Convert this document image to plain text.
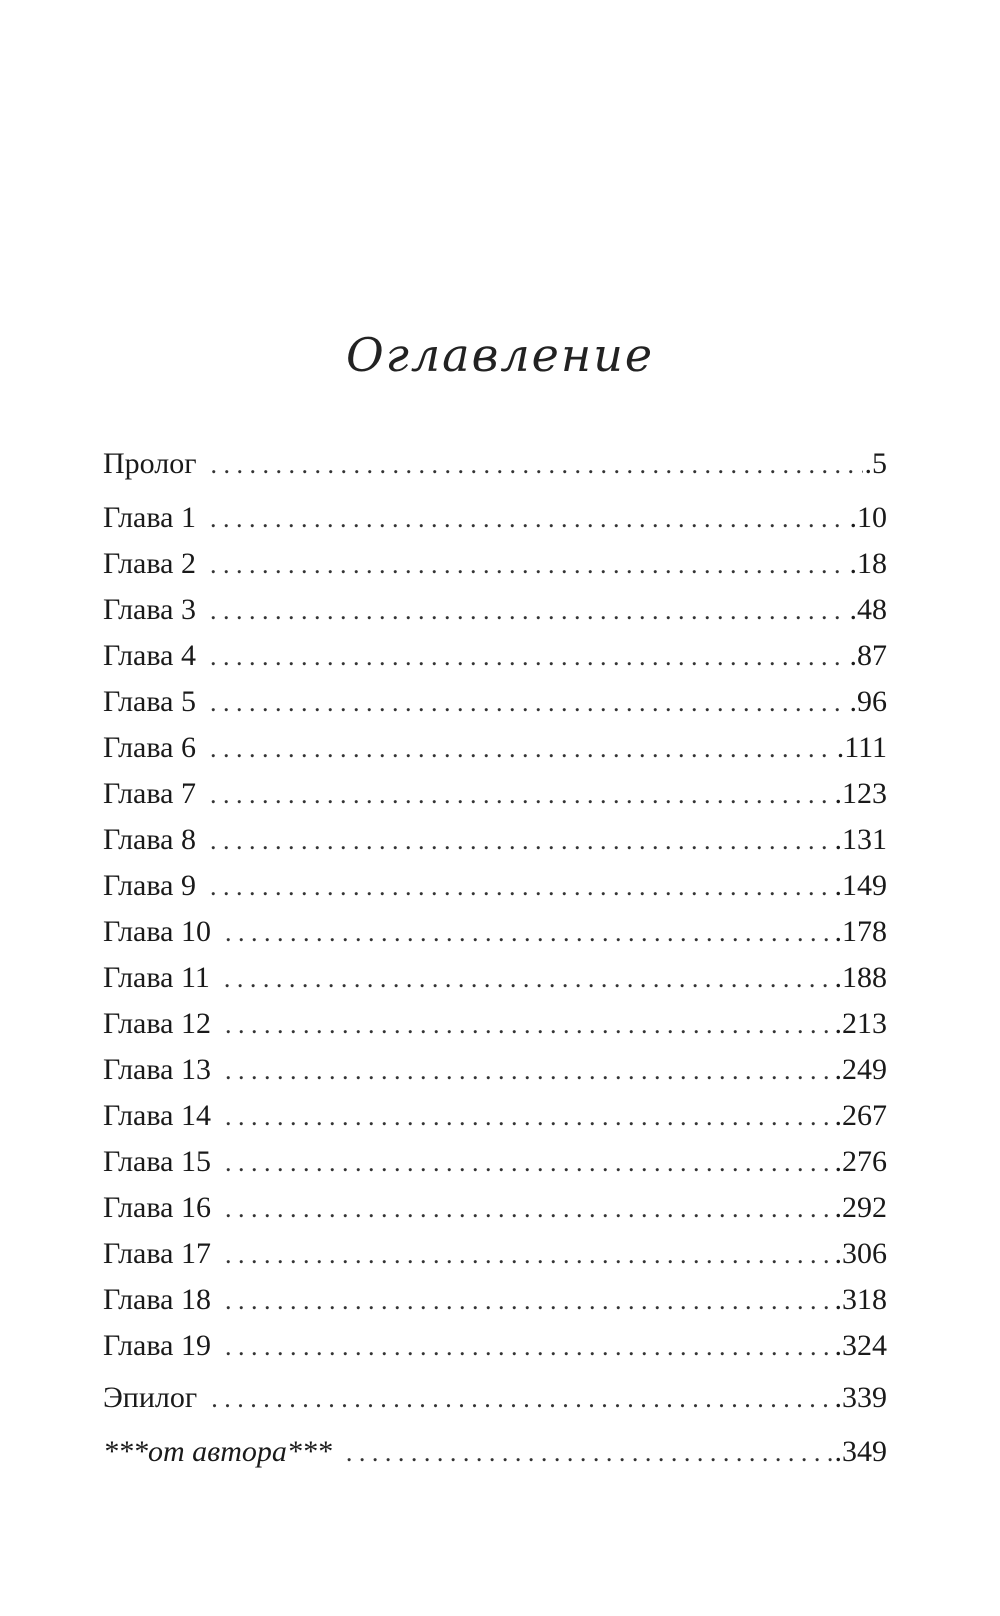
Оглавление
Пролог . . .	.5
Глава 1 . . .	.10
Глава 2 . . .	.18
Глава 3 . . .	.48
Глава 4 . . .	.87
Глава 5 . . .	.96
Глава 6 . . .	.111
Глава 7 . . .	.123
Глава 8 . . .	.131
Глава 9 . . .	.149
Глава 10 . . .	.178
Глава 11 . . .	.188
Глава 12 . . .	.213
Глава 13 . . .	.249
Глава 14 . . .	.267
Глава 15 . . .	.276
Глава 16 . . .	.292
Глава 17 . . .	.306
Глава 18 . . .	.318
Глава 19 . . .	.324
Эпилог . . .	.339
***от автора*** . . .	.349
